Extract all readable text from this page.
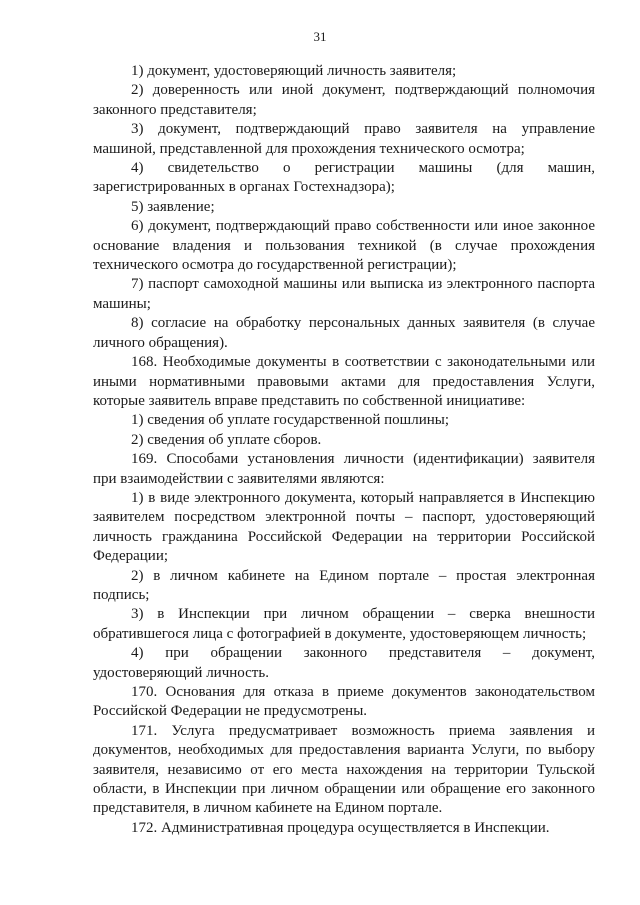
31

1) документ, удостоверяющий личность заявителя;

2) доверенность или иной документ, подтверждающий полномочия законного представителя;

3) документ, подтверждающий право заявителя на управление машиной, представленной для прохождения технического осмотра;

4) свидетельство о регистрации машины (для машин, зарегистрированных в органах Гостехнадзора);

5) заявление;

6) документ, подтверждающий право собственности или иное законное основание владения и пользования техникой (в случае прохождения технического осмотра до государственной регистрации);

7) паспорт самоходной машины или выписка из электронного паспорта машины;

8) согласие на обработку персональных данных заявителя (в случае личного обращения).

168. Необходимые документы в соответствии с законодательными или иными нормативными правовыми актами для предоставления Услуги, которые заявитель вправе представить по собственной инициативе:

1) сведения об уплате государственной пошлины;

2) сведения об уплате сборов.

169. Способами установления личности (идентификации) заявителя при взаимодействии с заявителями являются:

1) в виде электронного документа, который направляется в Инспекцию заявителем посредством электронной почты – паспорт, удостоверяющий личность гражданина Российской Федерации на территории Российской Федерации;

2) в личном кабинете на Едином портале – простая электронная подпись;

3) в Инспекции при личном обращении – сверка внешности обратившегося лица с фотографией в документе, удостоверяющем личность;

4) при обращении законного представителя – документ, удостоверяющий личность.

170. Основания для отказа в приеме документов законодательством Российской Федерации не предусмотрены.

171. Услуга предусматривает возможность приема заявления и документов, необходимых для предоставления варианта Услуги, по выбору заявителя, независимо от его места нахождения на территории Тульской области, в Инспекции при личном обращении или обращение его законного представителя, в личном кабинете на Едином портале.

172. Административная процедура осуществляется в Инспекции.
